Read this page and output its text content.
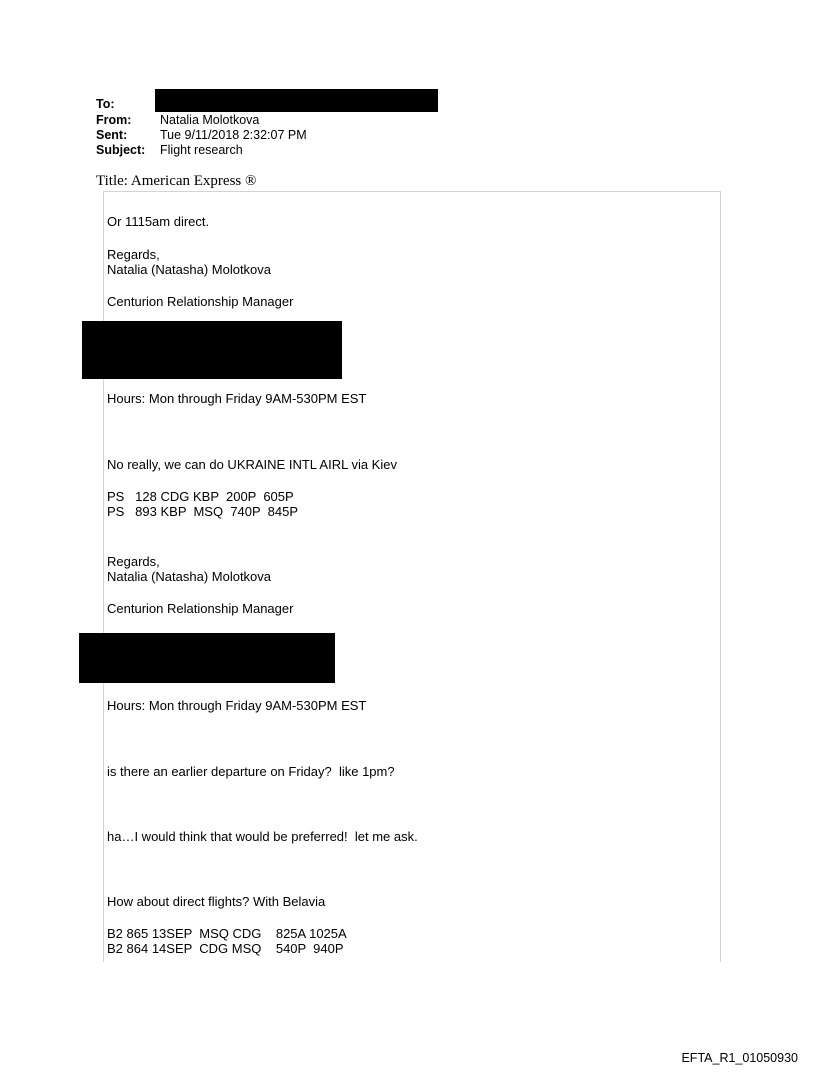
To:
From: Natalia Molotkova
Sent:	Tue 9/11/2018 2:32:07 PM
Subject: Flight research
Title: American Express ®
Or 1115am direct.
Regards,
Natalia (Natasha) Molotkova
Centurion Relationship Manager
Hours: Mon through Friday 9AM-530PM EST
No really, we can do UKRAINE INTL AIRL via Kiev
PS   128 CDG KBP  200P  605P
PS   893 KBP  MSQ  740P  845P
Regards,
Natalia (Natasha) Molotkova
Centurion Relationship Manager
Hours: Mon through Friday 9AM-530PM EST
is there an earlier departure on Friday?  like 1pm?
ha…I would think that would be preferred!  let me ask.
How about direct flights? With Belavia
B2 865 13SEP  MSQ CDG    825A 1025A
B2 864 14SEP  CDG MSQ    540P  940P
EFTA_R1_01050930
